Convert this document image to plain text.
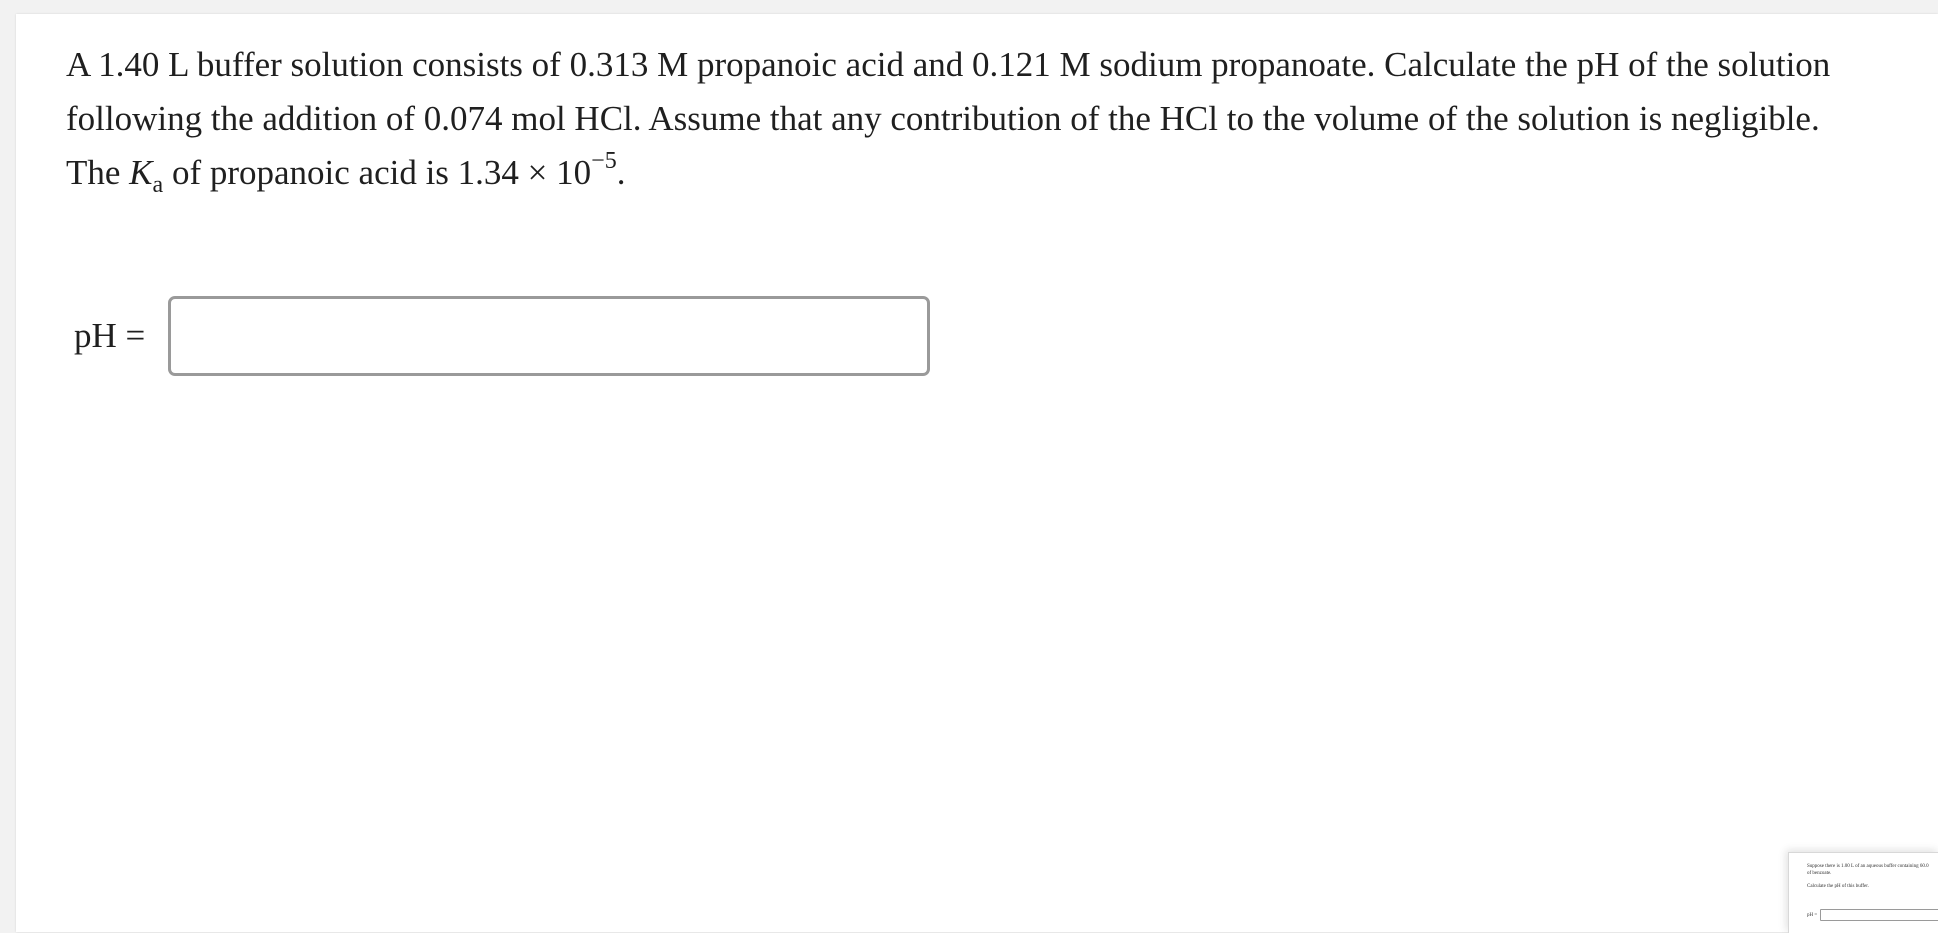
A 1.40 L buffer solution consists of 0.313 M propanoic acid and 0.121 M sodium propanoate. Calculate the pH of the solution
following the addition of 0.074 mol HCl. Assume that any contribution of the HCl to the volume of the solution is negligible.
The $K_a$ of propanoic acid is $1.34 \times 10^{-5}$.
pH =
Suppose there is 1.00 L of an aqueous buffer containing 60.0
of benzoate.
Calculate the pH of this buffer.
pH =
